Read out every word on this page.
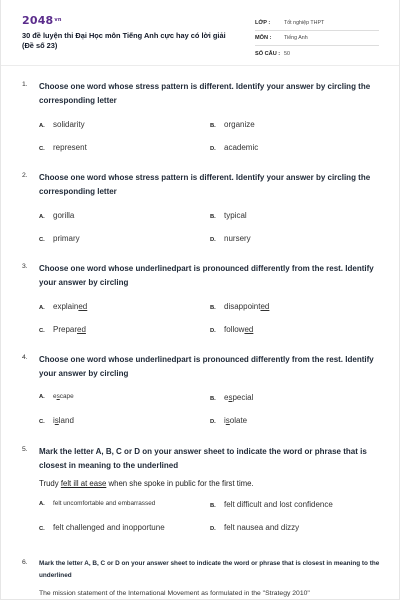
$2048^{vn}$
30 đề luyện thi Đại Học môn Tiếng Anh cực hay có lời giải (Đề số 23)
LỚP :	Tốt nghiệp THPT
MÔN :	Tiếng Anh
SỐ CÂU : 50
1.	Choose one word whose stress pattern is different. Identify your answer by circling the corresponding letter
A.	solidarity	B.	organize
C.	represent	D.	academic
2.	Choose one word whose stress pattern is different. Identify your answer by circling the corresponding letter
A.	gorilla	B.	typical
C.	primary	D.	nursery
3.	Choose one word whose underlinedpart is pronounced differently from the rest. Identify your answer by circling
A.	explained	B.	disappointed
C.	Prepared	D.	followed
4.	Choose one word whose underlinedpart is pronounced differently from the rest. Identify your answer by circling
A.	escape	B.	especial
C.	island	D.	isolate
5.	Mark the letter A, B, C or D on your answer sheet to indicate the word or phrase that is closest in meaning to the underlined
Trudy felt ill at ease when she spoke in public for the first time.
A.	felt uncomfortable and embarrassed	B.	felt difficult and lost confidence
C.	felt challenged and inopportune	D.	felt nausea and dizzy
6.	Mark the letter A, B, C or D on your answer sheet to indicate the word or phrase that is closest in meaning to the underlined
The mission statement of the International Movement as formulated in the "Strategy 2010"
